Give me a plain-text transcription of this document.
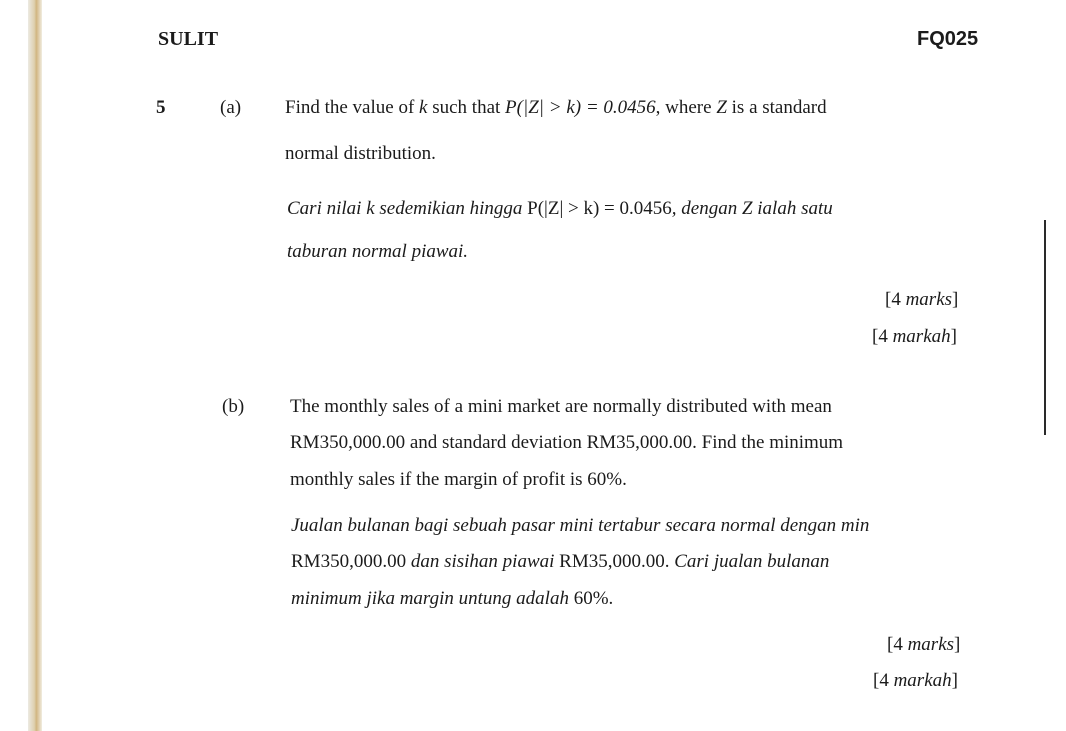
SULIT	FQ025
5	(a) Find the value of k such that P(|Z| > k) = 0.0456, where Z is a standard
normal distribution.
Cari nilai k sedemikian hingga P(|Z| > k) = 0.0456, dengan Z ialah satu
taburan normal piawai.
[4 marks]
[4 markah]
(b) The monthly sales of a mini market are normally distributed with mean
RM350,000.00 and standard deviation RM35,000.00. Find the minimum
monthly sales if the margin of profit is 60%.
Jualan bulanan bagi sebuah pasar mini tertabur secara normal dengan min
RM350,000.00 dan sisihan piawai RM35,000.00. Cari jualan bulanan
minimum jika margin untung adalah 60%.
[4 marks]
[4 markah]
